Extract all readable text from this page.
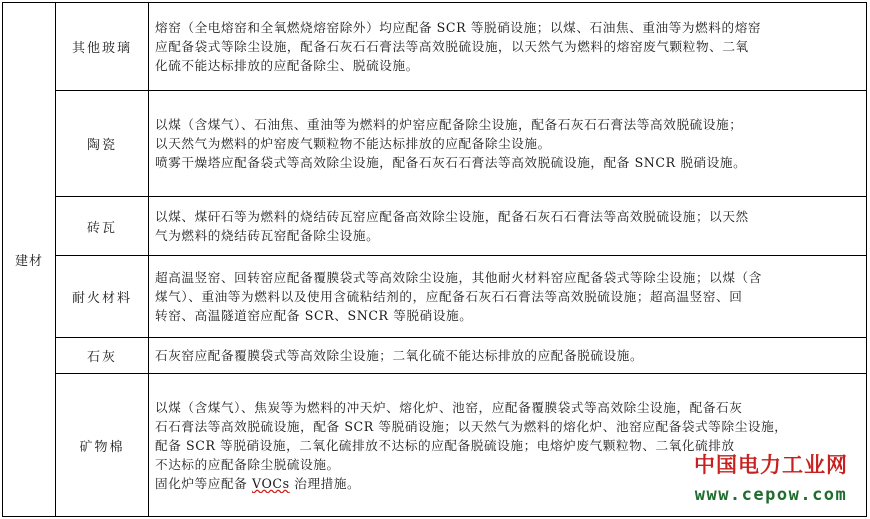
建材	其他玻璃	熔窑（全电熔窑和全氧燃烧熔窑除外）均应配备 SCR 等脱硝设施；以煤、石油焦、重油等为燃料的熔窑
应配备袋式等除尘设施，配备石灰石石膏法等高效脱硫设施，以天然气为燃料的熔窑废气颗粒物、二氧
化硫不能达标排放的应配备除尘、脱硫设施。

	陶瓷	以煤（含煤气）、石油焦、重油等为燃料的炉窑应配备除尘设施，配备石灰石石膏法等高效脱硫设施；
以天然气为燃料的炉窑废气颗粒物不能达标排放的应配备除尘设施。
喷雾干燥塔应配备袋式等高效除尘设施，配备石灰石石膏法等高效脱硫设施，配备 SNCR 脱硝设施。

	砖瓦	以煤、煤矸石等为燃料的烧结砖瓦窑应配备高效除尘设施，配备石灰石石膏法等高效脱硫设施；以天然
气为燃料的烧结砖瓦窑配备除尘设施。

	耐火材料	超高温竖窑、回转窑应配备覆膜袋式等高效除尘设施，其他耐火材料窑应配备袋式等除尘设施；以煤（含
煤气）、重油等为燃料以及使用含硫粘结剂的，应配备石灰石石膏法等高效脱硫设施；超高温竖窑、回
转窑、高温隧道窑应配备 SCR、SNCR 等脱硝设施。

	石灰	石灰窑应配备覆膜袋式等高效除尘设施；二氧化硫不能达标排放的应配备脱硫设施。

	矿物棉	以煤（含煤气）、焦炭等为燃料的冲天炉、熔化炉、池窑，应配备覆膜袋式等高效除尘设施，配备石灰
石石膏法等高效脱硫设施，配备 SCR 等脱硝设施；以天然气为燃料的熔化炉、池窑应配备袋式等除尘设施，
配备 SCR 等脱硝设施，二氧化硫排放不达标的应配备脱硫设施；电熔炉废气颗粒物、二氧化硫排放
不达标的应配备除尘脱硫设施。
固化炉等应配备 VOCs 治理措施。
中国电力工业网
www.cepow.com
